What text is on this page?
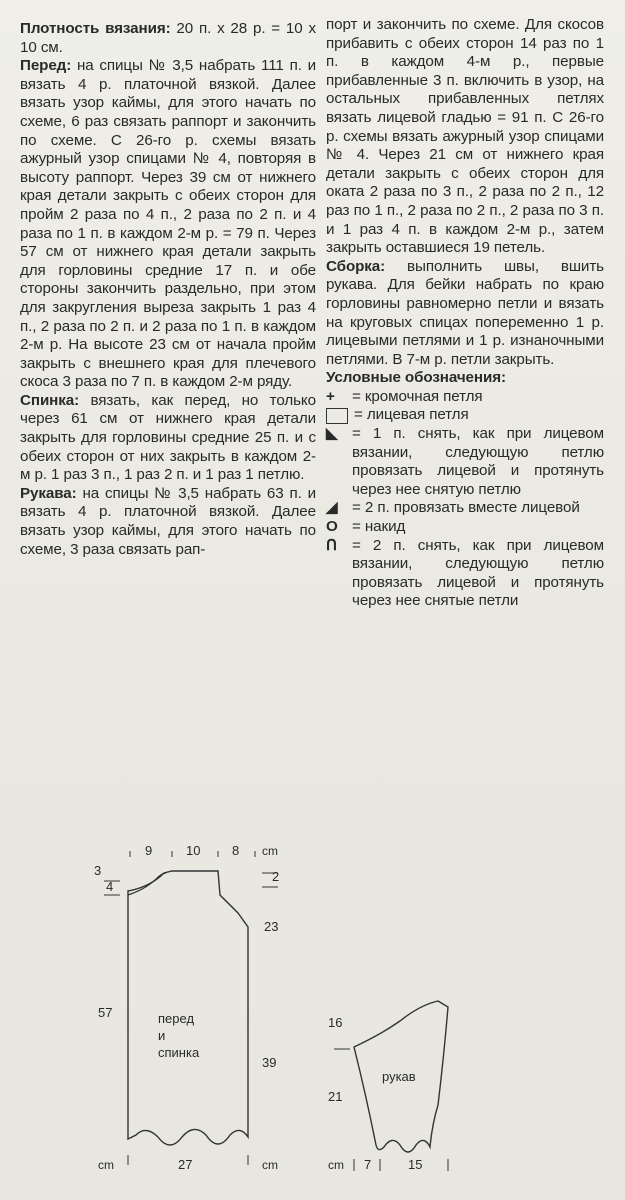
Плотность вязания: 20 п. х 28 р. = 10 х 10 см.

Перед: на спицы № 3,5 набрать 111 п. и вязать 4 р. платочной вязкой. Далее вязать узор каймы, для этого начать по схеме, 6 раз связать раппорт и закончить по схеме. С 26-го р. схемы вязать ажурный узор спицами № 4, повторяя в высоту раппорт. Через 39 см от нижнего края детали закрыть с обеих сторон для пройм 2 раза по 4 п., 2 раза по 2 п. и 4 раза по 1 п. в каждом 2-м р. = 79 п. Через 57 см от нижнего края детали закрыть для горловины средние 17 п. и обе стороны закончить раздельно, при этом для закругления выреза закрыть 1 раз 4 п., 2 раза по 2 п. и 2 раза по 1 п. в каждом 2-м р. На высоте 23 см от начала пройм закрыть с внешнего края для плечевого скоса 3 раза по 7 п. в каждом 2-м ряду.

Спинка: вязать, как перед, но только через 61 см от нижнего края детали закрыть для горловины средние 25 п. и с обеих сторон от них закрыть в каждом 2-м р. 1 раз 3 п., 1 раз 2 п. и 1 раз 1 петлю.

Рукава: на спицы № 3,5 набрать 63 п. и вязать 4 р. платочной вязкой. Далее вязать узор каймы, для этого начать по схеме, 3 раза связать рап-

порт и закончить по схеме. Для скосов прибавить с обеих сторон 14 раз по 1 п. в каждом 4-м р., первые прибавленные 3 п. включить в узор, на остальных прибавленных петлях вязать лицевой гладью = 91 п. С 26-го р. схемы вязать ажурный узор спицами № 4. Через 21 см от нижнего края детали закрыть с обеих сторон для оката 2 раза по 3 п., 2 раза по 2 п., 12 раз по 1 п., 2 раза по 2 п., 2 раза по 3 п. и 1 раз 4 п. в каждом 2-м р., затем закрыть оставшиеся 19 петель.

Сборка: выполнить швы, вшить рукава. Для бейки набрать по краю горловины равномерно петли и вязать на круговых спицах попеременно 1 р. лицевыми петлями и 1 р. изнаночными петлями. В 7-м р. петли закрыть.

Условные обозначения:

+	= кромочная петля
= лицевая петля
◣ = 1 п. снять, как при лицевом вязании, следующую петлю провязать лицевой и протянуть через нее снятую петлю
◢ = 2 п. провязать вместе лицевой
O = накид
ᑎ = 2 п. снять, как при лицевом вязании, следующую петлю провязать лицевой и протянуть через нее снятые петли
9	10 8 cm
3
4
57
2
23
39
перед
и
спинка
cm	27	cm
16
21
рукав
cm 7	15
